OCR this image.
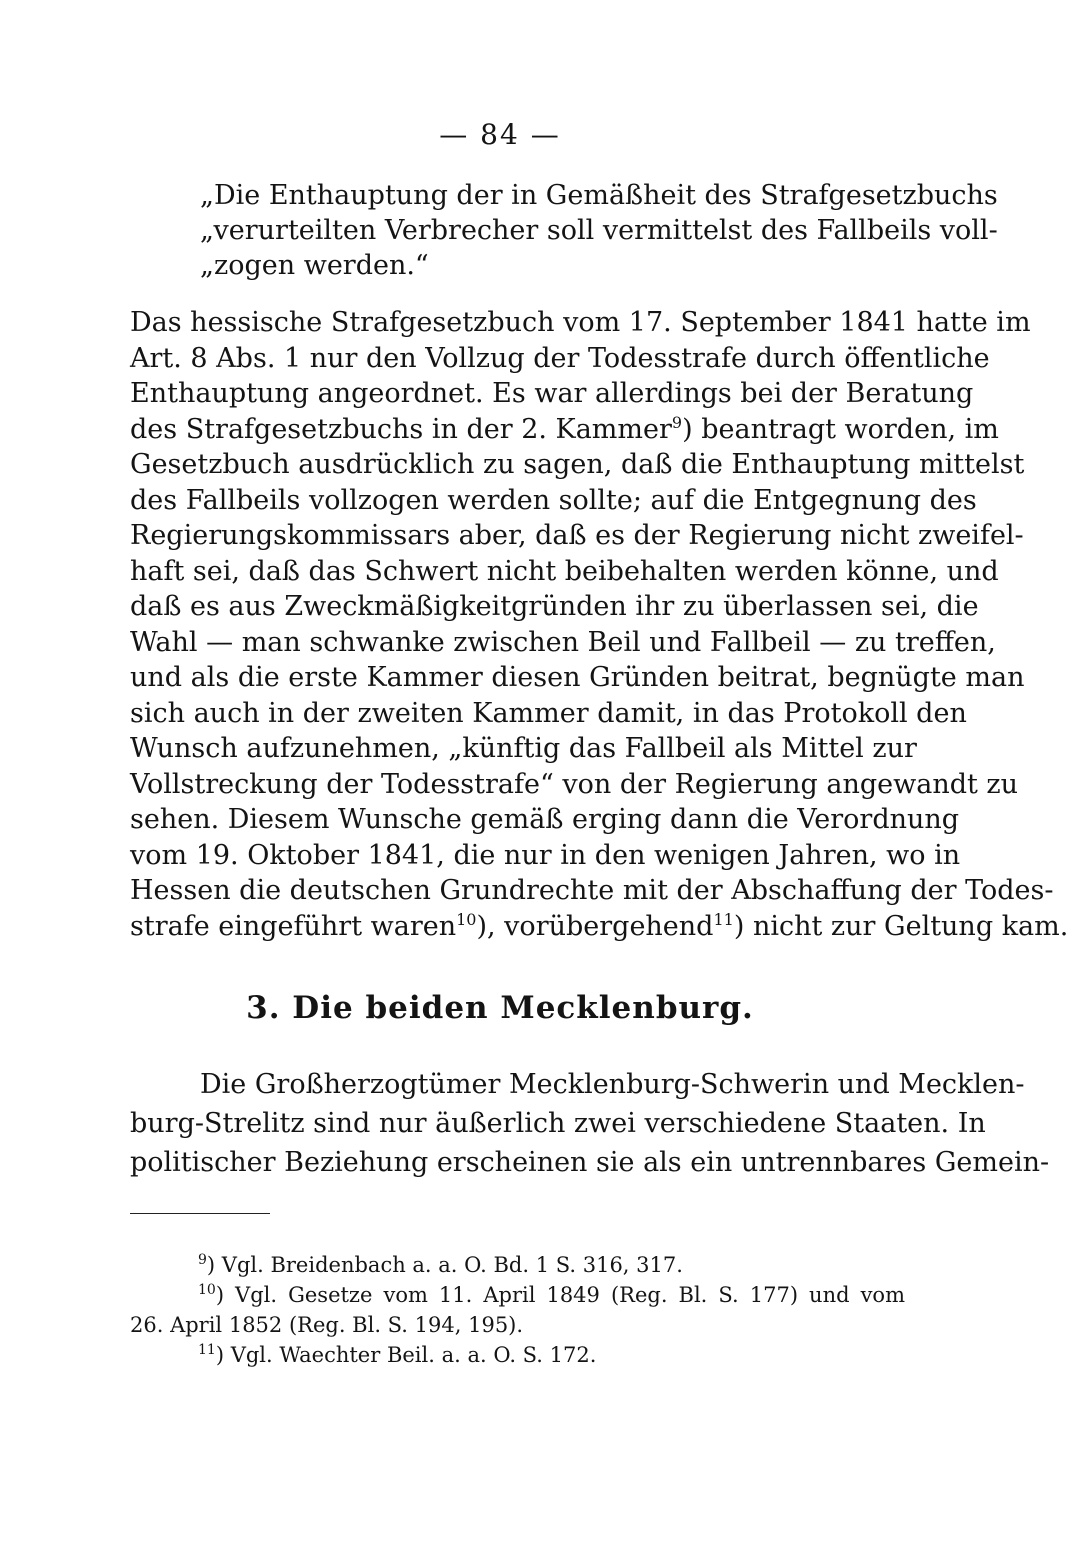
— 84 —
„Die Enthauptung der in Gemäßheit des Strafgesetzbuchs
„verurteilten Verbrecher soll vermittelst des Fallbeils voll-
„zogen werden.“
Das hessische Strafgesetzbuch vom 17. September 1841 hatte im
Art. 8 Abs. 1 nur den Vollzug der Todesstrafe durch öffentliche
Enthauptung angeordnet. Es war allerdings bei der Beratung
des Strafgesetzbuchs in der 2. Kammer$^9$) beantragt worden, im
Gesetzbuch ausdrücklich zu sagen, daß die Enthauptung mittelst
des Fallbeils vollzogen werden sollte; auf die Entgegnung des
Regierungskommissars aber, daß es der Regierung nicht zweifel-
haft sei, daß das Schwert nicht beibehalten werden könne, und
daß es aus Zweckmäßigkeitgründen ihr zu überlassen sei, die
Wahl — man schwanke zwischen Beil und Fallbeil — zu treffen,
und als die erste Kammer diesen Gründen beitrat, begnügte man
sich auch in der zweiten Kammer damit, in das Protokoll den
Wunsch aufzunehmen, „künftig das Fallbeil als Mittel zur
Vollstreckung der Todesstrafe“ von der Regierung angewandt zu
sehen. Diesem Wunsche gemäß erging dann die Verordnung
vom 19. Oktober 1841, die nur in den wenigen Jahren, wo in
Hessen die deutschen Grundrechte mit der Abschaffung der Todes-
strafe eingeführt waren$^{10}$), vorübergehend$^{11}$) nicht zur Geltung kam.
3. Die beiden Mecklenburg.
Die Großherzogtümer Mecklenburg-Schwerin und Mecklen-
burg-Strelitz sind nur äußerlich zwei verschiedene Staaten. In
politischer Beziehung erscheinen sie als ein untrennbares Gemein-
$^9$) Vgl. Breidenbach a. a. O. Bd. 1 S. 316, 317.
$^{10}$) Vgl. Gesetze vom 11. April 1849 (Reg. Bl. S. 177) und vom
26. April 1852 (Reg. Bl. S. 194, 195).
$^{11}$) Vgl. Waechter Beil. a. a. O. S. 172.
